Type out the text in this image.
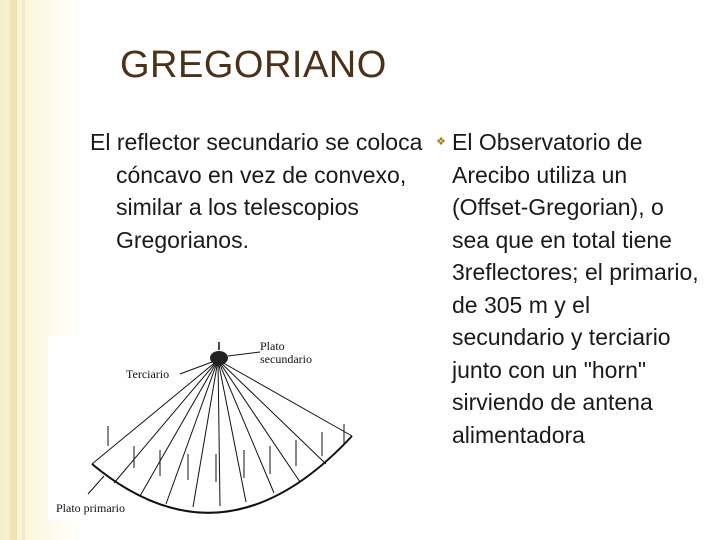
GREGORIANO
El reflector secundario se coloca cóncavo en vez de convexo, similar a los telescopios Gregorianos.
❖ El Observatorio de Arecibo utiliza un (Offset-Gregorian), o sea que en total tiene 3reflectores; el primario, de 305 m y el secundario y terciario junto con un "horn" sirviendo de antena alimentadora
Plato
secundario
Terciario
Plato primario
